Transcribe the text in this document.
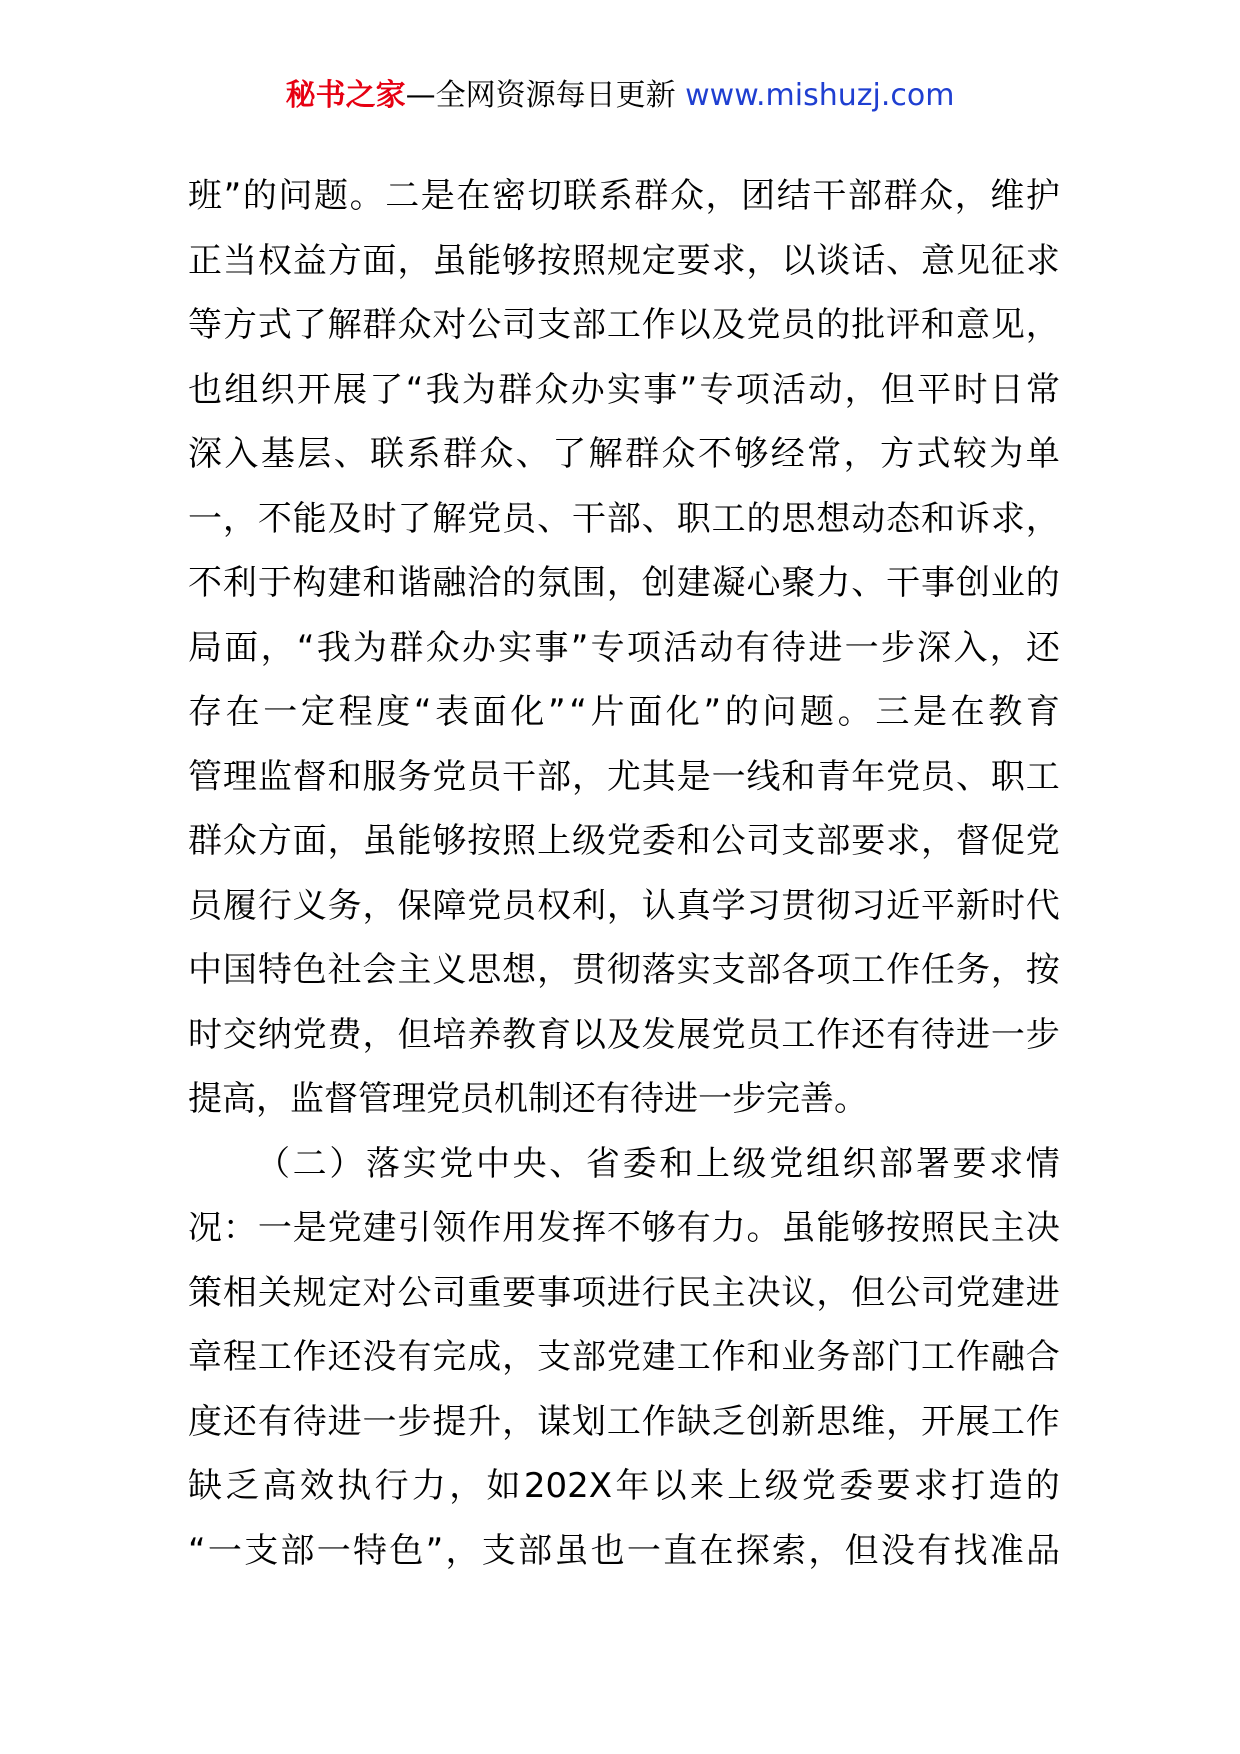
秘书之家—全网资源每日更新 www.mishuzj.com
班 ” 的 问 题 。 二 是 在 密 切 联 系 群 众 ， 团 结 干 部 群 众 ， 维 护
正 当 权 益 方 面 ， 虽 能 够 按 照 规 定 要 求 ， 以 谈 话 、 意 见 征 求
等 方 式 了 解 群 众 对 公 司 支 部 工 作 以 及 党 员 的 批 评 和 意 见 ，
也 组 织 开 展 了 “ 我 为 群 众 办 实 事 ” 专 项 活 动 ， 但 平 时 日 常
深 入 基 层 、 联 系 群 众 、 了 解 群 众 不 够 经 常 ， 方 式 较 为 单
一 ， 不 能 及 时 了 解 党 员 、 干 部 、 职 工 的 思 想 动 态 和 诉 求 ，
不 利 于 构 建 和 谐 融 洽 的 氛 围 ， 创 建 凝 心 聚 力 、 干 事 创 业 的
局 面 ， “ 我 为 群 众 办 实 事 ” 专 项 活 动 有 待 进 一 步 深 入 ， 还
存 在 一 定 程 度 “ 表 面 化 ” “ 片 面 化 ” 的 问 题 。 三 是 在 教 育
管 理 监 督 和 服 务 党 员 干 部 ， 尤 其 是 一 线 和 青 年 党 员 、 职 工
群 众 方 面 ， 虽 能 够 按 照 上 级 党 委 和 公 司 支 部 要 求 ， 督 促 党
员 履 行 义 务 ， 保 障 党 员 权 利 ， 认 真 学 习 贯 彻 习 近 平 新 时 代
中 国 特 色 社 会 主 义 思 想 ， 贯 彻 落 实 支 部 各 项 工 作 任 务 ， 按
时 交 纳 党 费 ， 但 培 养 教 育 以 及 发 展 党 员 工 作 还 有 待 进 一 步
提高，监督管理党员机制还有待进一步完善。
（ 二 ） 落 实 党 中 央 、 省 委 和 上 级 党 组 织 部 署 要 求 情
况 ： 一 是 党 建 引 领 作 用 发 挥 不 够 有 力 。 虽 能 够 按 照 民 主 决
策 相 关 规 定 对 公 司 重 要 事 项 进 行 民 主 决 议 ， 但 公 司 党 建 进
章 程 工 作 还 没 有 完 成 ， 支 部 党 建 工 作 和 业 务 部 门 工 作 融 合
度 还 有 待 进 一 步 提 升 ， 谋 划 工 作 缺 乏 创 新 思 维 ， 开 展 工 作
缺 乏 高 效 执 行 力 ， 如 202X 年 以 来 上 级 党 委 要 求 打 造 的
“ 一 支 部 一 特 色 ” ， 支 部 虽 也 一 直 在 探 索 ， 但 没 有 找 准 品
